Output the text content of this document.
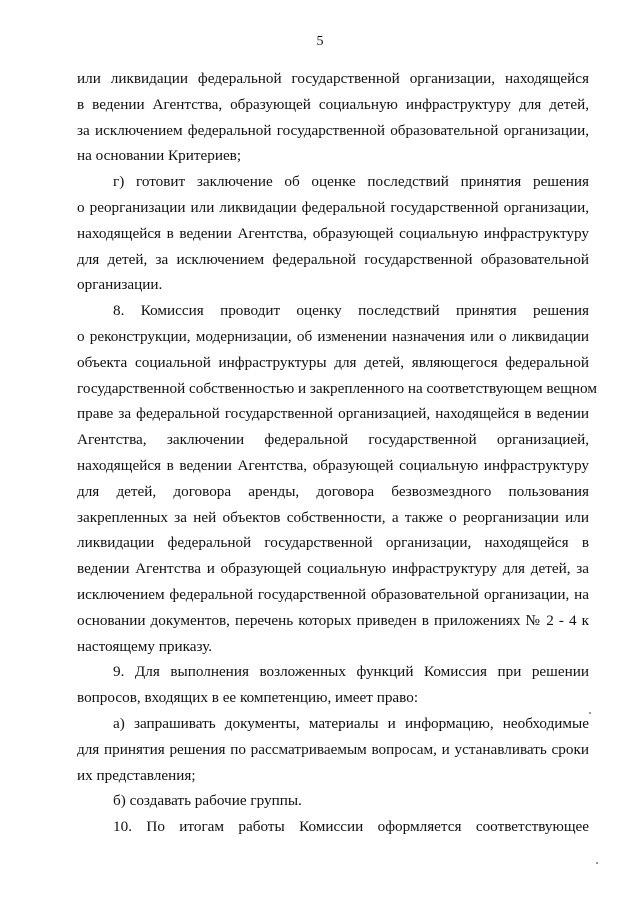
5
или ликвидации федеральной государственной организации, находящейся
в ведении Агентства, образующей социальную инфраструктуру для детей,
за исключением федеральной государственной образовательной организации,
на основании Критериев;
г) готовит заключение об оценке последствий принятия решения
о реорганизации или ликвидации федеральной государственной организации,
находящейся в ведении Агентства, образующей социальную инфраструктуру
для детей, за исключением федеральной государственной образовательной
организации.
8. Комиссия проводит оценку последствий принятия решения
о реконструкции, модернизации, об изменении назначения или о ликвидации
объекта социальной инфраструктуры для детей, являющегося федеральной
государственной собственностью и закрепленного на соответствующем вещном
праве за федеральной государственной организацией, находящейся в ведении
Агентства, заключении федеральной государственной организацией,
находящейся в ведении Агентства, образующей социальную инфраструктуру
для детей, договора аренды, договора безвозмездного пользования
закрепленных за ней объектов собственности, а также о реорганизации или
ликвидации федеральной государственной организации, находящейся в
ведении Агентства и образующей социальную инфраструктуру для детей, за
исключением федеральной государственной образовательной организации, на
основании документов, перечень которых приведен в приложениях № 2 - 4 к
настоящему приказу.
9. Для выполнения возложенных функций Комиссия при решении
вопросов, входящих в ее компетенцию, имеет право:
а) запрашивать документы, материалы и информацию, необходимые
для принятия решения по рассматриваемым вопросам, и устанавливать сроки
их представления;
б) создавать рабочие группы.
10. По итогам работы Комиссии оформляется соответствующее
